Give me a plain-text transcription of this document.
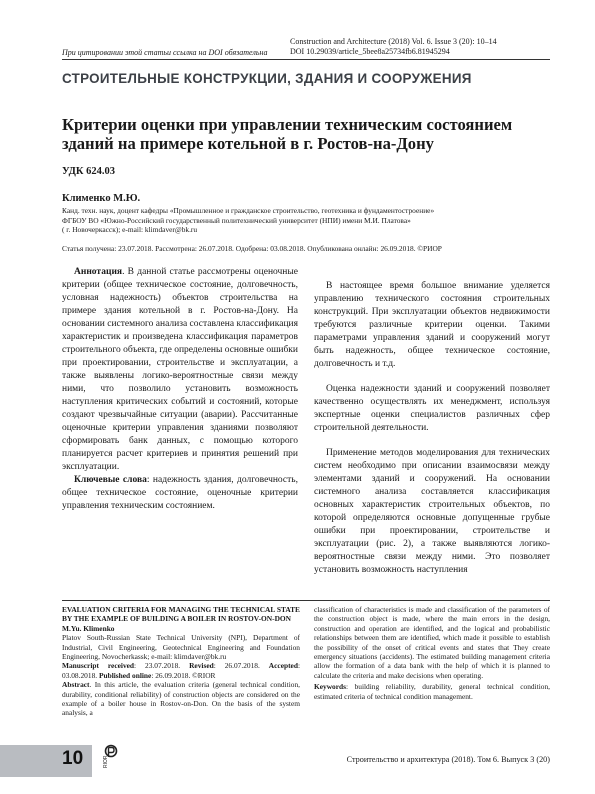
При цитировании этой статьи ссылка на DOI обязательна
Construction and Architecture (2018) Vol. 6. Issue 3 (20): 10–14
DOI 10.29039/article_5bee8a25734fb6.81945294
СТРОИТЕЛЬНЫЕ КОНСТРУКЦИИ, ЗДАНИЯ И СООРУЖЕНИЯ
Критерии оценки при управлении техническим состоянием зданий на примере котельной в г. Ростов-на-Дону
УДК 624.03
Клименко М.Ю.
Канд. техн. наук, доцент кафедры «Промышленное и гражданское строительство, геотехника и фундаментостроение»
ФГБОУ ВО «Южно-Российский государственный политехнический университет (НПИ) имени М.И. Платова»
( г. Новочеркасск); e-mail: klimdaver@bk.ru
Статья получена: 23.07.2018. Рассмотрена: 26.07.2018. Одобрена: 03.08.2018. Опубликована онлайн: 26.09.2018. ©РИОР

Аннотация. В данной статье рассмотрены оценочные критерии (общее техническое состояние, долговечность, условная надежность) объектов строительства на примере здания котельной в г. Ростов-на-Дону. На основании системного анализа составлена классификация характеристик и произведена классификация параметров строительного объекта, где определены основные ошибки при проектировании, строительстве и эксплуатации, а также выявлены логико-вероятностные связи между ними, что позволило установить возможность наступления критических событий и состояний, которые создают чрезвычайные ситуации (аварии). Рассчитанные оценочные критерии управления зданиями позволяют сформировать банк данных, с помощью которого планируется расчет критериев и принятия решений при эксплуатации.

Ключевые слова: надежность здания, долговечность, общее техническое состояние, оценочные критерии управления техническим состоянием.

В настоящее время большое внимание уделяется управлению технического состояния строительных конструкций. При эксплуатации объектов недвижимости требуются различные критерии оценки. Такими параметрами управления зданий и сооружений могут быть надежность, общее техническое состояние, долговечность и т.д.

Оценка надежности зданий и сооружений позволяет качественно осуществлять их менеджмент, используя экспертные оценки специалистов различных сфер строительной деятельности.

Применение методов моделирования для технических систем необходимо при описании взаимосвязи между элементами зданий и сооружений. На основании системного анализа составляется классификация основных характеристик строительных объектов, по которой определяются основные допущенные грубые ошибки при проектировании, строительстве и эксплуатации (рис. 2), а также выявляются логико-вероятностные связи между ними. Это позволяет установить возможность наступления

EVALUATION CRITERIA FOR MANAGING THE TECHNICAL STATE BY THE EXAMPLE OF BUILDING A BOILER IN ROSTOV-ON-DON
M.Yu. Klimenko
Platov South-Russian State Technical University (NPI), Department of Industrial, Civil Engineering, Geotechnical Engineering and Foundation Engineering, Novocherkassk; e-mail: klimdaver@bk.ru
Manuscript received: 23.07.2018. Revised: 26.07.2018. Accepted: 03.08.2018. Published online: 26.09.2018. ©RIOR
Abstract. In this article, the evaluation criteria (general technical condition, durability, conditional reliability) of construction objects are considered on the example of a boiler house in Rostov-on-Don. On the basis of the system analysis, a
classification of characteristics is made and classification of the parameters of the construction object is made, where the main errors in the design, construction and operation are identified, and the logical and probabilistic relationships between them are identified, which made it possible to establish the possibility of the onset of critical events and states that They create emergency situations (accidents). The estimated building management criteria allow the formation of a data bank with the help of which it is planned to calculate the criteria and make decisions when operating.
Keywords: building reliability, durability, general technical condition, estimated criteria of technical condition management.
10	RIOR	Строительство и архитектура (2018). Том 6. Выпуск 3 (20)
